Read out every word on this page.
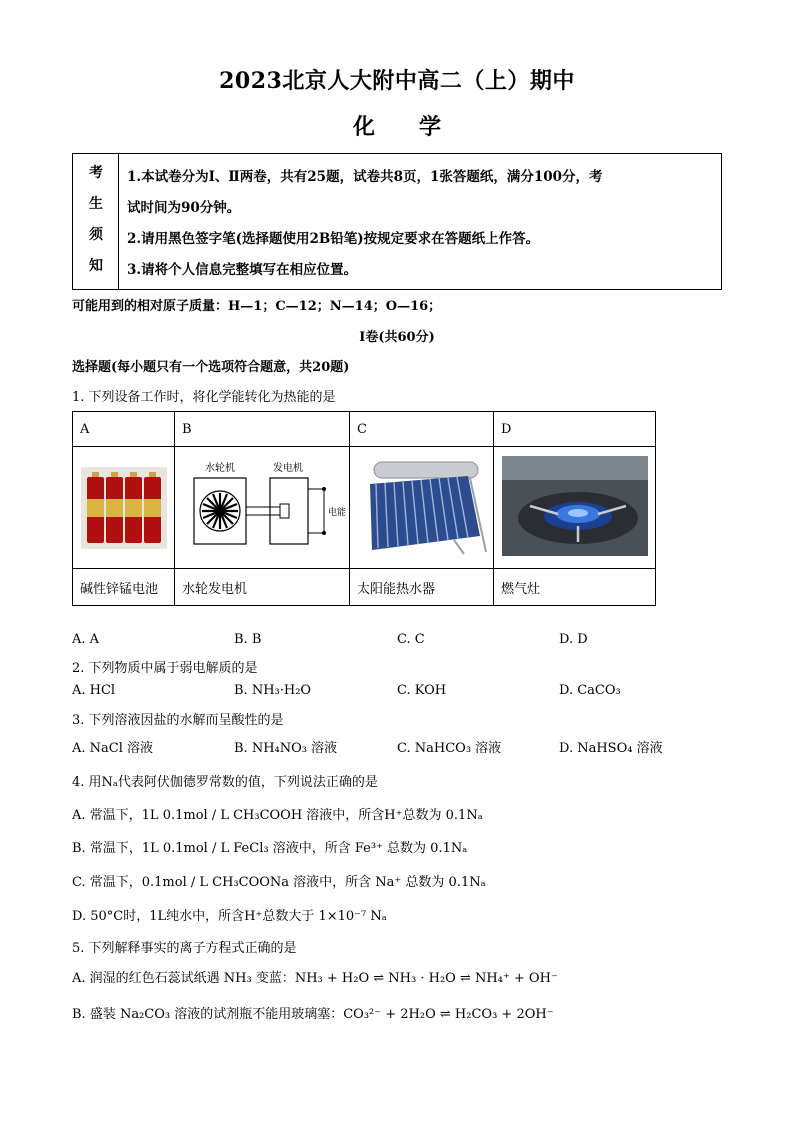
2023北京人大附中高二（上）期中
化 学
考
生
须
知
1.本试卷分为Ⅰ、Ⅱ两卷，共有25题，试卷共8页，1张答题纸，满分100分，考
试时间为90分钟。
2.请用黑色签字笔(选择题使用2B铅笔)按规定要求在答题纸上作答。
3.请将个人信息完整填写在相应位置。
可能用到的相对原子质量：H—1；C—12；N—14；O—16；
Ⅰ卷(共60分)
选择题(每小题只有一个选项符合题意，共20题)
1. 下列设备工作时，将化学能转化为热能的是
A	B	C	D

水轮机 发电机
电能

碱性锌锰电池	水轮发电机	太阳能热水器	燃气灶
A. A	B. B	C. C	D. D
2. 下列物质中属于弱电解质的是
A. HCl	B. NH₃·H₂O	C. KOH	D. CaCO₃
3. 下列溶液因盐的水解而呈酸性的是
A. NaCl 溶液	B. NH₄NO₃ 溶液	C. NaHCO₃ 溶液	D. NaHSO₄ 溶液
4. 用Nₐ代表阿伏伽德罗常数的值，下列说法正确的是
A. 常温下，1L 0.1mol / L CH₃COOH 溶液中，所含H⁺总数为 0.1Nₐ
B. 常温下，1L 0.1mol / L FeCl₃ 溶液中，所含 Fe³⁺ 总数为 0.1Nₐ
C. 常温下，0.1mol / L CH₃COONa 溶液中，所含 Na⁺ 总数为 0.1Nₐ
D. 50°C时，1L纯水中，所含H⁺总数大于 1×10⁻⁷ Nₐ
5. 下列解释事实的离子方程式正确的是
A. 润湿的红色石蕊试纸遇 NH₃ 变蓝：NH₃ + H₂O ⇌ NH₃ · H₂O ⇌ NH₄⁺ + OH⁻
B. 盛装 Na₂CO₃ 溶液的试剂瓶不能用玻璃塞：CO₃²⁻ + 2H₂O ⇌ H₂CO₃ + 2OH⁻
